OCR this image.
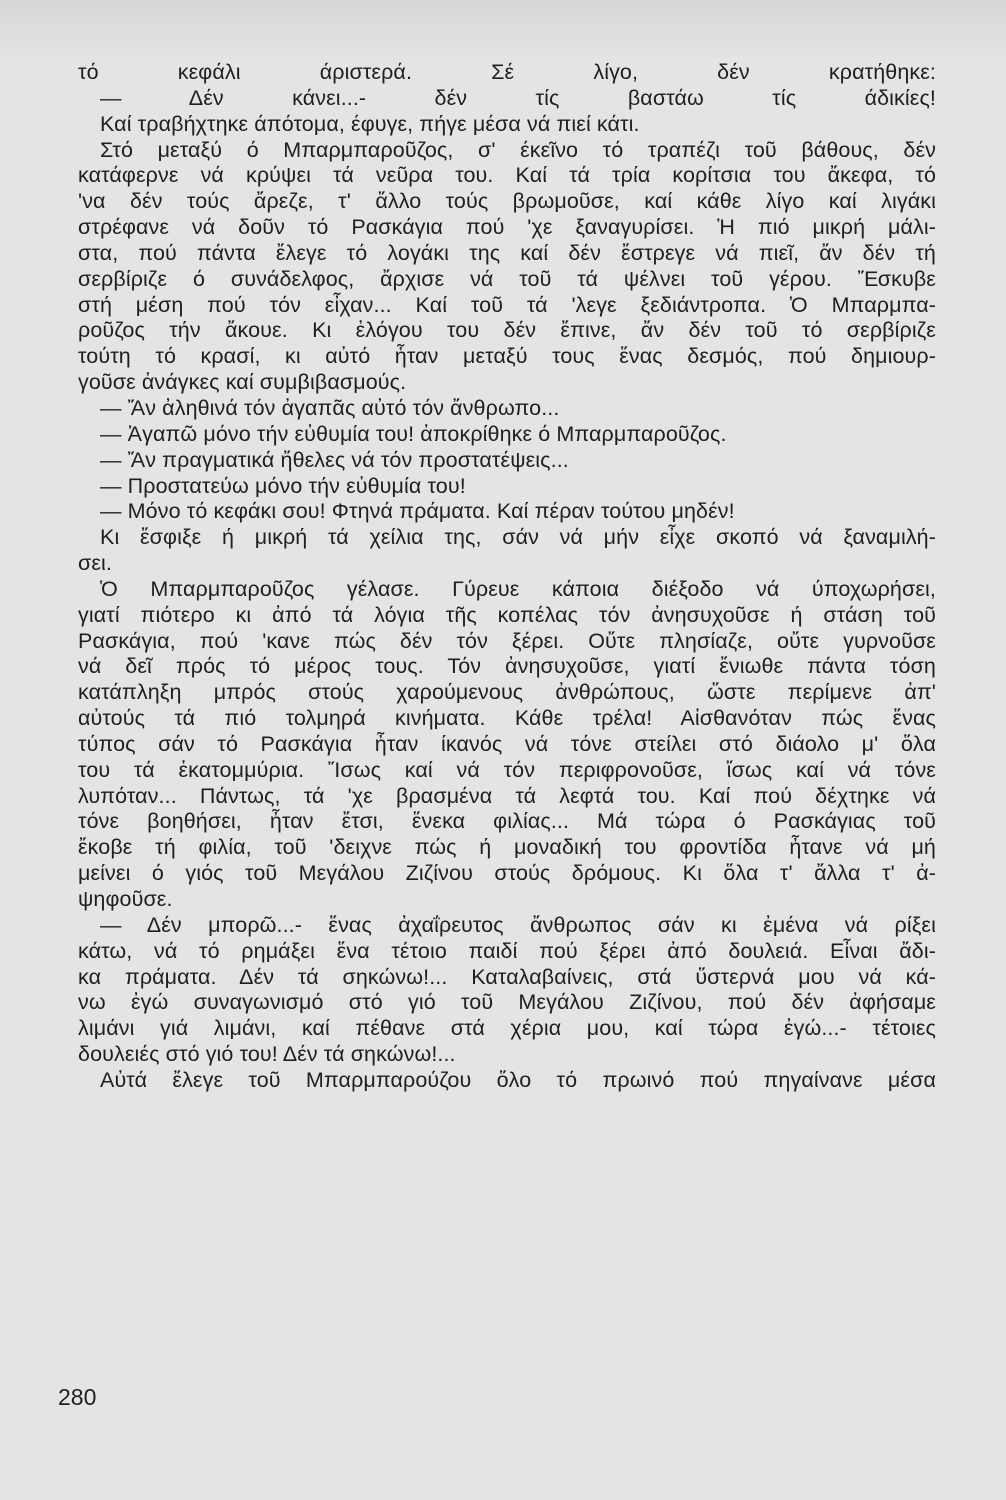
τό κεφάλι άριστερά. Σέ λίγο, δέν κρατήθηκε:
— Δέν κάνει...- δέν τίς βαστάω τίς άδικίες!
Καί τραβήχτηκε άπότομα, έφυγε, πήγε μέσα νά πιεί κάτι.
Στό μεταξύ ό Μπαρμπαροῦζος, σ' έκεῖνο τό τραπέζι τοῦ βάθους, δέν
κατάφερνε νά κρύψει τά νεῦρα του. Καί τά τρία κορίτσια του ἄκεφα, τό
'να δέν τούς ἄρεζε, τ' ἄλλο τούς βρωμοῦσε, καί κάθε λίγο καί λιγάκι
στρέφανε νά δοῦν τό Ρασκάγια πού 'χε ξαναγυρίσει. Ἡ πιό μικρή μάλι-
στα, πού πάντα ἔλεγε τό λογάκι της καί δέν ἔστρεγε νά πιεῖ, ἄν δέν τή
σερβίριζε ό συνάδελφος, ἄρχισε νά τοῦ τά ψέλνει τοῦ γέρου. Ἔσκυβε
στή μέση πού τόν εἶχαν... Καί τοῦ τά 'λεγε ξεδιάντροπα. Ὁ Μπαρμπα-
ροῦζος τήν ἄκουε. Κι ἐλόγου του δέν ἔπινε, ἄν δέν τοῦ τό σερβίριζε
τούτη τό κρασί, κι αὐτό ἦταν μεταξύ τους ἕνας δεσμός, πού δημιουρ-
γοῦσε ἀνάγκες καί συμβιβασμούς.
— Ἄν ἀληθινά τόν ἀγαπᾶς αὐτό τόν ἄνθρωπο...
— Ἀγαπῶ μόνο τήν εὐθυμία του! ἀποκρίθηκε ό Μπαρμπαροῦζος.
— Ἄν πραγματικά ἤθελες νά τόν προστατέψεις...
— Προστατεύω μόνο τήν εὐθυμία του!
— Μόνο τό κεφάκι σου! Φτηνά πράματα. Καί πέραν τούτου μηδέν!
Κι ἔσφιξε ή μικρή τά χείλια της, σάν νά μήν εἶχε σκοπό νά ξαναμιλή-
σει.
Ὁ Μπαρμπαροῦζος γέλασε. Γύρευε κάποια διέξοδο νά ύποχωρήσει,
γιατί πιότερο κι ἀπό τά λόγια τῆς κοπέλας τόν ἀνησυχοῦσε ή στάση τοῦ
Ρασκάγια, πού 'κανε πώς δέν τόν ξέρει. Οὔτε πλησίαζε, οὔτε γυρνοῦσε
νά δεῖ πρός τό μέρος τους. Τόν ἀνησυχοῦσε, γιατί ἔνιωθε πάντα τόση
κατάπληξη μπρός στούς χαρούμενους ἀνθρώπους, ὥστε περίμενε ἀπ'
αὐτούς τά πιό τολμηρά κινήματα. Κάθε τρέλα! Αἰσθανόταν πώς ἕνας
τύπος σάν τό Ρασκάγια ἦταν ίκανός νά τόνε στείλει στό διάολο μ' ὅλα
του τά ἑκατομμύρια. Ἴσως καί νά τόν περιφρονοῦσε, ἴσως καί νά τόνε
λυπόταν... Πάντως, τά 'χε βρασμένα τά λεφτά του. Καί πού δέχτηκε νά
τόνε βοηθήσει, ἦταν ἔτσι, ἕνεκα φιλίας... Μά τώρα ό Ρασκάγιας τοῦ
ἔκοβε τή φιλία, τοῦ 'δειχνε πώς ή μοναδική του φροντίδα ἦτανε νά μή
μείνει ό γιός τοῦ Μεγάλου Ζιζίνου στούς δρόμους. Κι ὅλα τ' ἄλλα τ' ἀ-
ψηφοῦσε.
— Δέν μπορῶ...- ἕνας ἀχαΐρευτος ἄνθρωπος σάν κι ἐμένα νά ρίξει
κάτω, νά τό ρημάξει ἕνα τέτοιο παιδί πού ξέρει ἀπό δουλειά. Εἶναι ἄδι-
κα πράματα. Δέν τά σηκώνω!... Καταλαβαίνεις, στά ὕστερνά μου νά κά-
νω ἐγώ συναγωνισμό στό γιό τοῦ Μεγάλου Ζιζίνου, πού δέν ἀφήσαμε
λιμάνι γιά λιμάνι, καί πέθανε στά χέρια μου, καί τώρα ἐγώ...- τέτοιες
δουλειές στό γιό του! Δέν τά σηκώνω!...
Αὐτά ἔλεγε τοῦ Μπαρμπαρούζου ὅλο τό πρωινό πού πηγαίνανε μέσα
280
